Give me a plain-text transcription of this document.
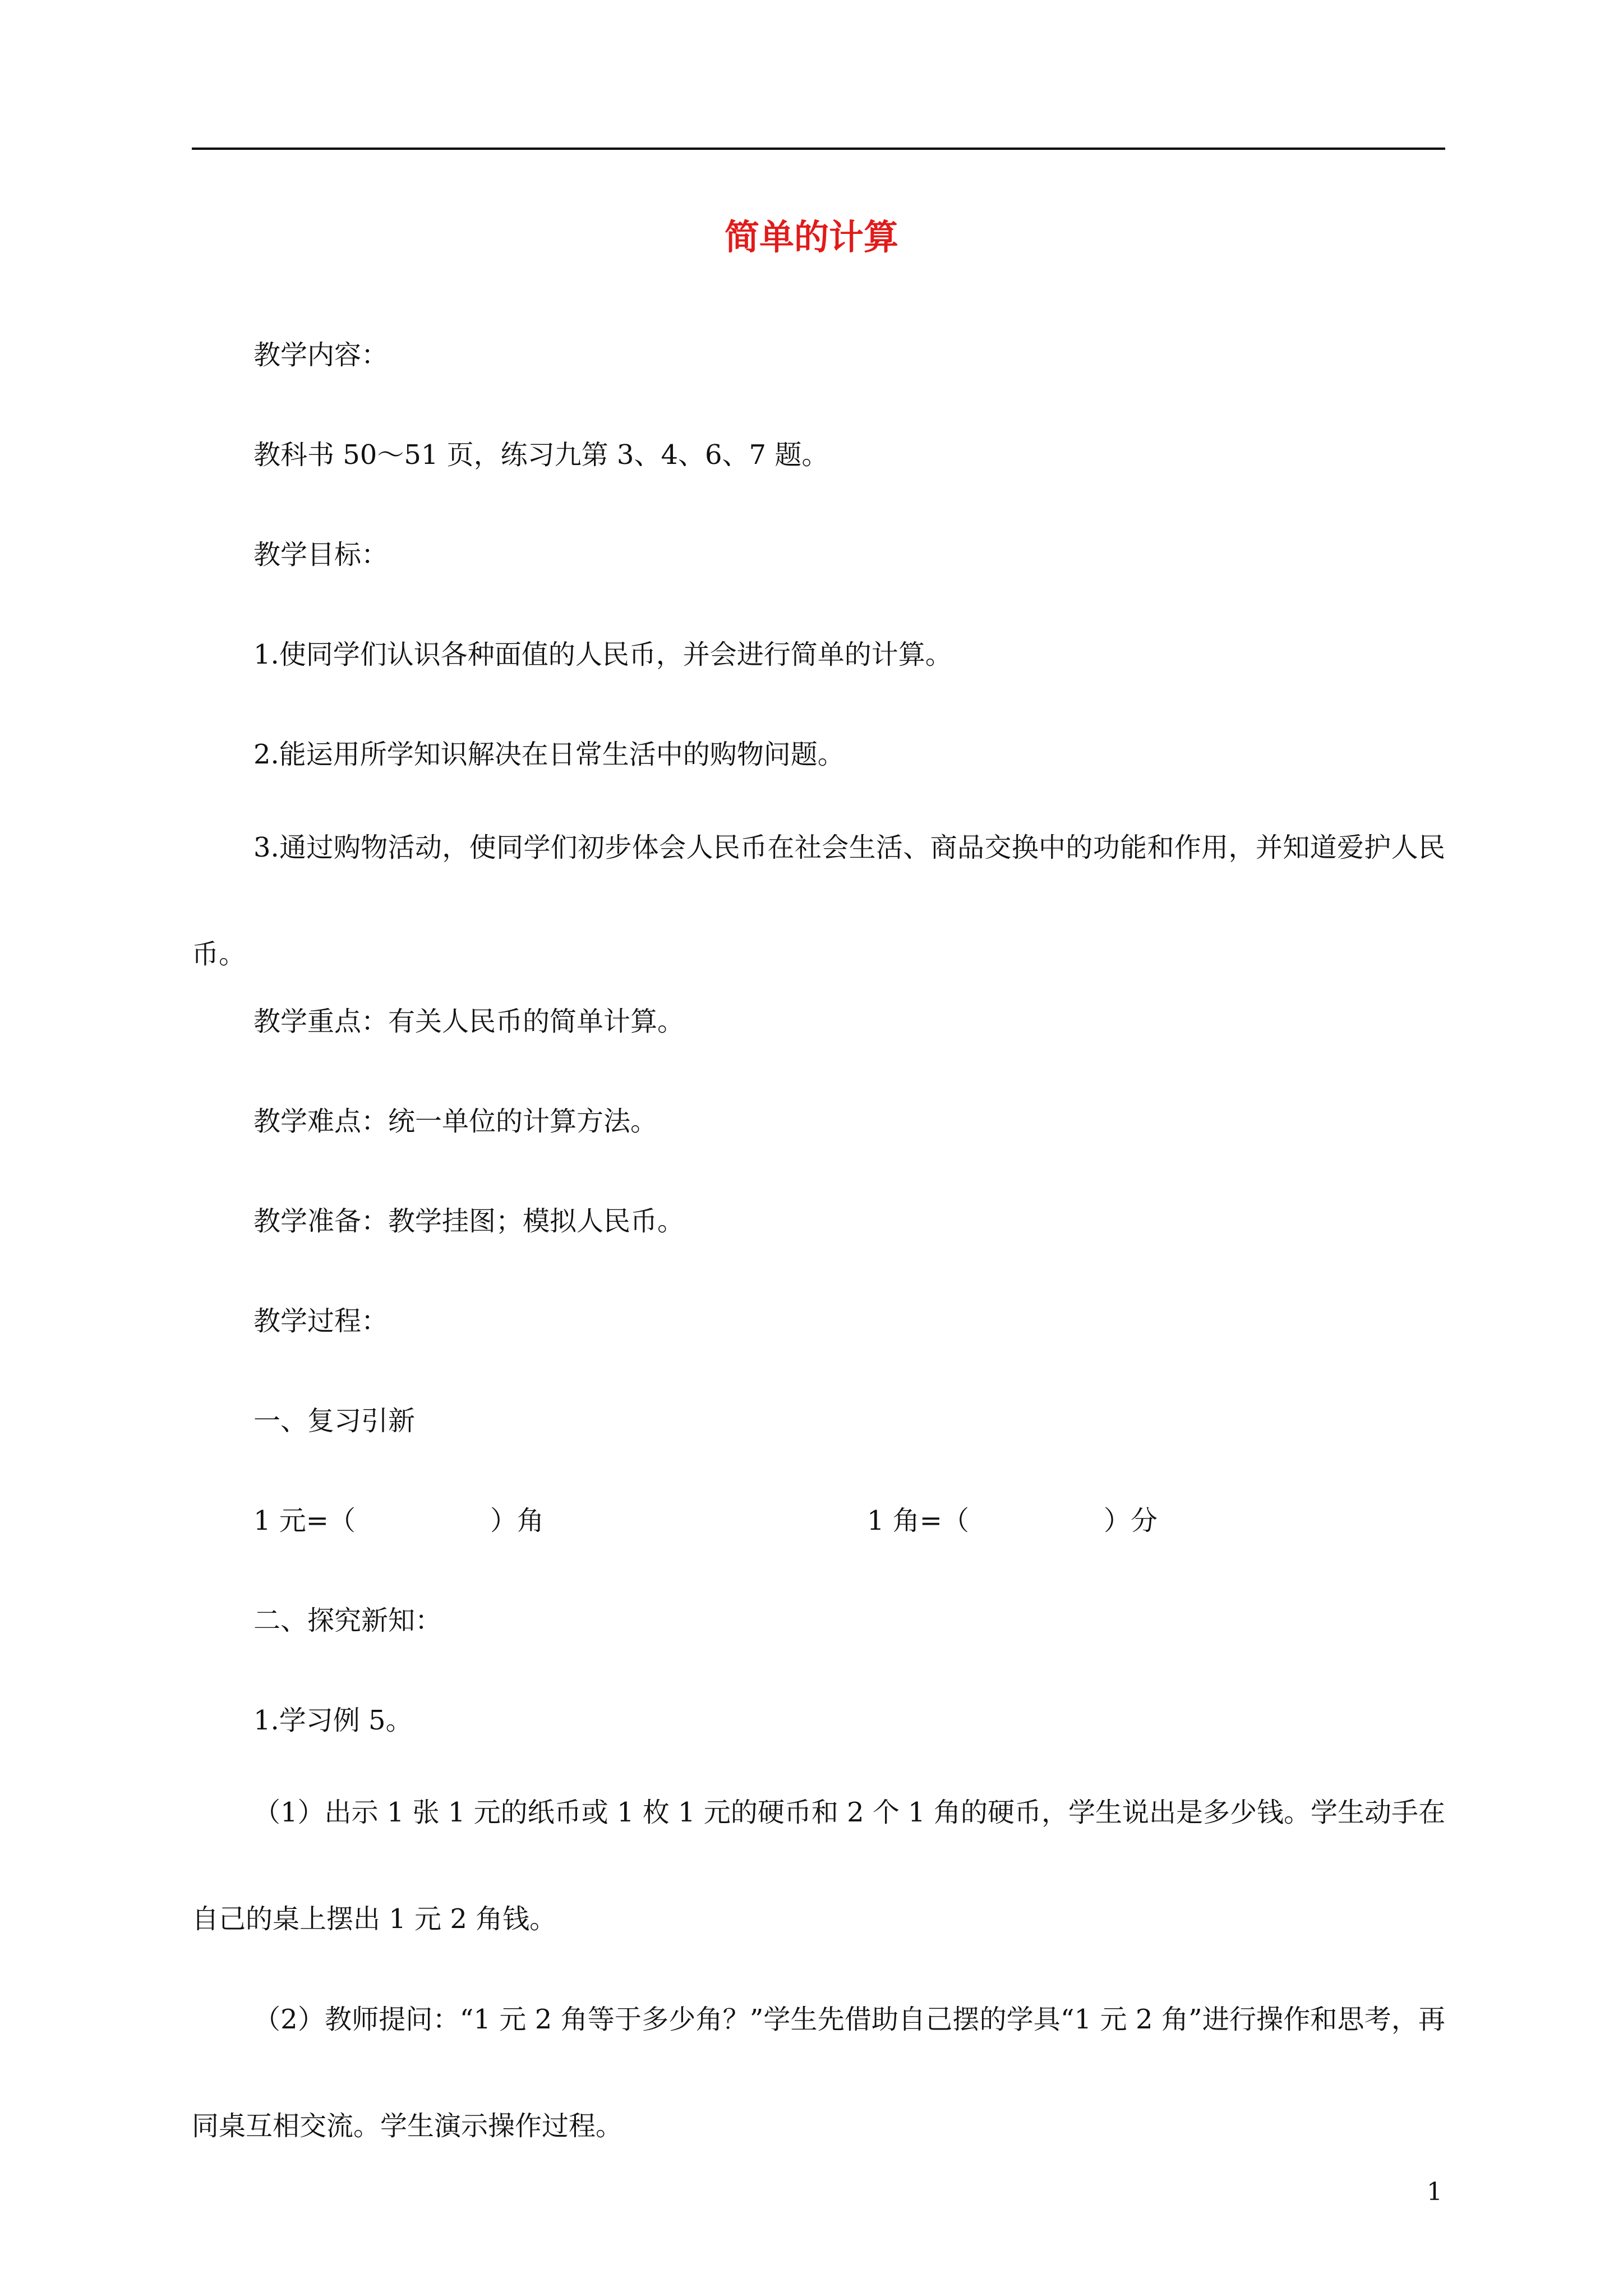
简单的计算
教学内容：
教科书 50～51 页，练习九第 3、4、6、7 题。
教学目标：
1.使同学们认识各种面值的人民币，并会进行简单的计算。
2.能运用所学知识解决在日常生活中的购物问题。
3.通过购物活动，使同学们初步体会人民币在社会生活、商品交换中的功能和作用，并知道爱护人民币。
教学重点：有关人民币的简单计算。
教学难点：统一单位的计算方法。
教学准备：教学挂图；模拟人民币。
教学过程：
一、复习引新
1 元=（　　　　　）角	1 角=（　　　　　）分
二、探究新知：
1.学习例 5。
（1）出示 1 张 1 元的纸币或 1 枚 1 元的硬币和 2 个 1 角的硬币，学生说出是多少钱。学生动手在自己的桌上摆出 1 元 2 角钱。
（2）教师提问：“1 元 2 角等于多少角？”学生先借助自己摆的学具“1 元 2 角”进行操作和思考，再同桌互相交流。学生演示操作过程。
1
